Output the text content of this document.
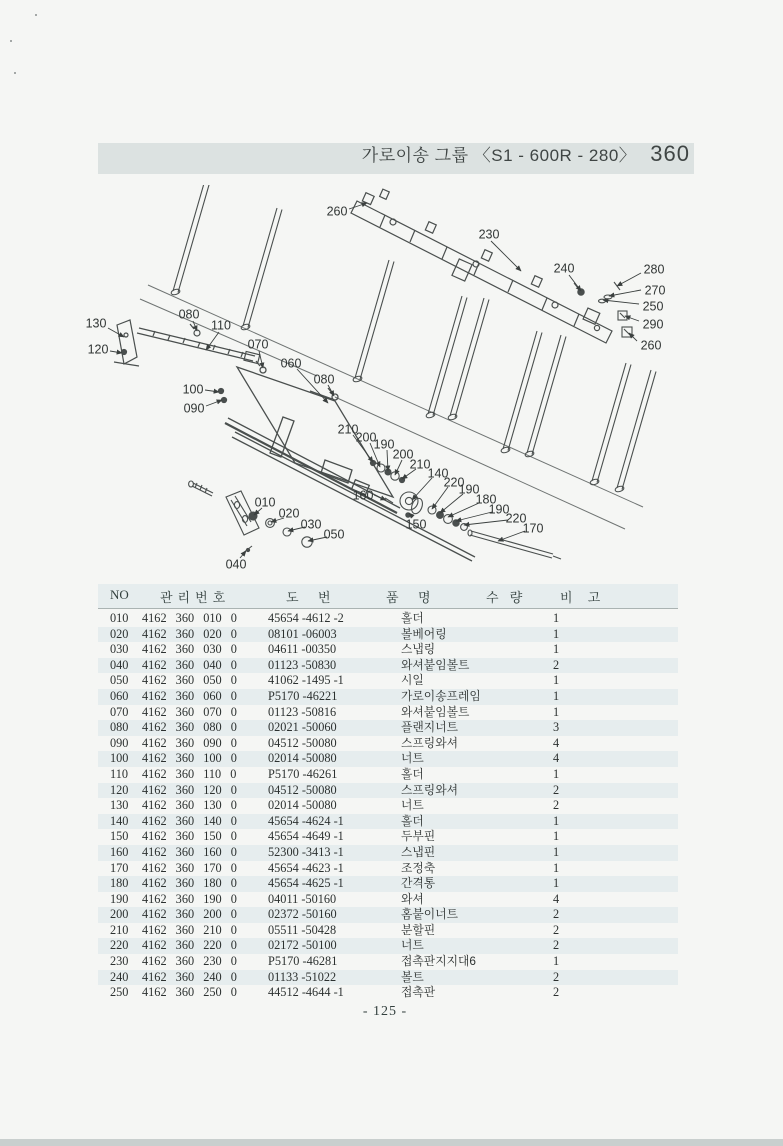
가로이송 그룹 〈S1 - 600R - 280〉 360
260
230
240	280
270
250
290
260
130
120
080
110
070
060
080
100
090
210
200
190
200
210
140
220
190
180
190
220
170
160
150
010
020
030
050
040
NO 관리번호	도      번	품      명	수 량	비 고
010 4162 360 010 0	45654 -4612 -2	홀더	1
020 4162 360 020 0	08101 -06003	볼베어링	1
030 4162 360 030 0	04611 -00350	스냅링	1
040 4162 360 040 0	01123 -50830	와셔붙임볼트	2
050 4162 360 050 0	41062 -1495 -1	시일	1
060 4162 360 060 0	P5170 -46221	가로이송프레임	1
070 4162 360 070 0	01123 -50816	와셔붙임볼트	1
080 4162 360 080 0	02021 -50060	플랜지너트	3
090 4162 360 090 0	04512 -50080	스프링와셔	4
100 4162 360 100 0	02014 -50080	너트	4
110 4162 360 110 0	P5170 -46261	홀더	1
120 4162 360 120 0	04512 -50080	스프링와셔	2
130 4162 360 130 0	02014 -50080	너트	2
140 4162 360 140 0	45654 -4624 -1	홀더	1
150 4162 360 150 0	45654 -4649 -1	두부핀	1
160 4162 360 160 0	52300 -3413 -1	스냅핀	1
170 4162 360 170 0	45654 -4623 -1	조정축	1
180 4162 360 180 0	45654 -4625 -1	간격통	1
190 4162 360 190 0	04011 -50160	와셔	4
200 4162 360 200 0	02372 -50160	홈붙이너트	2
210 4162 360 210 0	05511 -50428	분할핀	2
220 4162 360 220 0	02172 -50100	너트	2
230 4162 360 230 0	P5170 -46281	접촉판지지대6	1
240 4162 360 240 0	01133 -51022	볼트	2
250 4162 360 250 0	44512 -4644 -1	접촉판	2
- 125 -
